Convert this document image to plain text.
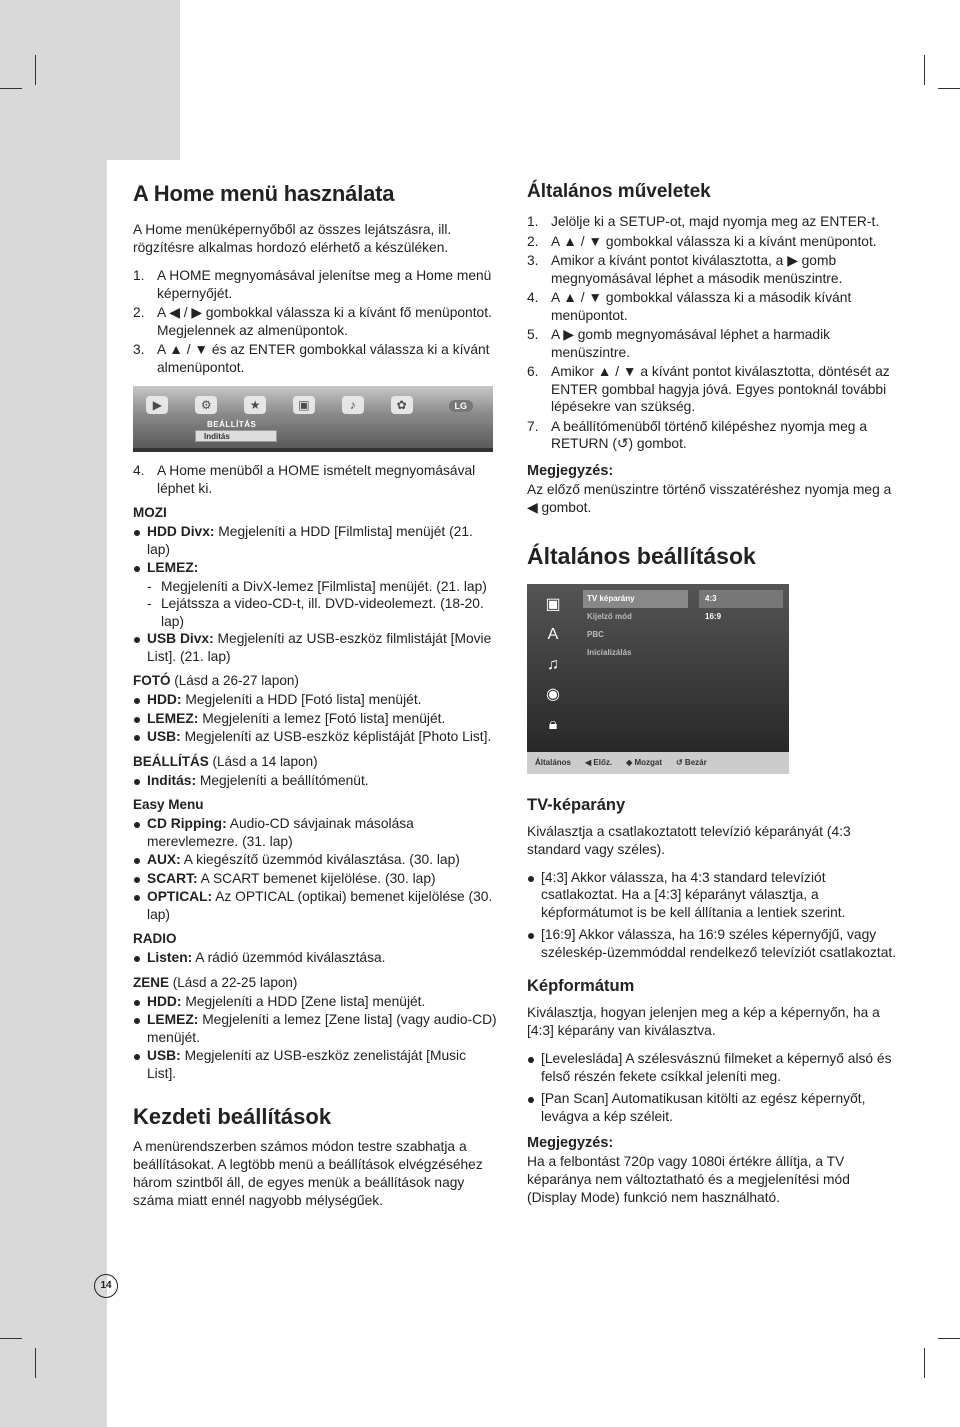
14
A Home menü használata

A Home menüképernyőből az összes lejátszásra, ill. rögzítésre alkalmas hordozó elérhető a készüléken.

1. A HOME megnyomásával jelenítse meg a Home menü képernyőjét.
2. A ◀ / ▶ gombokkal válassza ki a kívánt fő menüpontot. Megjelennek az almenüpontok.
3. A ▲ / ▼ és az ENTER gombokkal válassza ki a kívánt almenüpontot.
▶	⚙	★	▣	♪	✿
BEÁLLÍTÁS
Inditás
LG
4. A Home menüből a HOME ismételt megnyomásával léphet ki.
MOZI
HDD Divx: Megjeleníti a HDD [Filmlista] menüjét (21. lap)
LEMEZ:
- Megjeleníti a DivX-lemez [Filmlista] menüjét. (21. lap)
- Lejátssza a video-CD-t, ill. DVD-videolemezt. (18-20. lap)
USB Divx: Megjeleníti az USB-eszköz filmlistáját [Movie List]. (21. lap)
FOTÓ (Lásd a 26-27 lapon)
HDD: Megjeleníti a HDD [Fotó lista] menüjét.
LEMEZ: Megjeleníti a lemez [Fotó lista] menüjét.
USB: Megjeleníti az USB-eszköz képlistáját [Photo List].
BEÁLLÍTÁS (Lásd a 14 lapon)
Inditás: Megjeleníti a beállítómenüt.
Easy Menu
CD Ripping: Audio-CD sávjainak másolása merevlemezre. (31. lap)
AUX: A kiegészítő üzemmód kiválasztása. (30. lap)
SCART: A SCART bemenet kijelölése. (30. lap)
OPTICAL: Az OPTICAL (optikai) bemenet kijelölése (30. lap)
RADIO
Listen: A rádió üzemmód kiválasztása.
ZENE (Lásd a 22-25 lapon)
HDD: Megjeleníti a HDD [Zene lista] menüjét.
LEMEZ: Megjeleníti a lemez [Zene lista] (vagy audio-CD) menüjét.
USB: Megjeleníti az USB-eszköz zenelistáját [Music List].
Kezdeti beállítások

A menürendszerben számos módon testre szabhatja a beállításokat. A legtöbb menü a beállítások elvégzéséhez három szintből áll, de egyes menük a beállítások nagy száma miatt ennél nagyobb mélységűek.

Általános műveletek
1. Jelölje ki a SETUP-ot, majd nyomja meg az ENTER-t.
2. A ▲ / ▼ gombokkal válassza ki a kívánt menüpontot.
3. Amikor a kívánt pontot kiválasztotta, a ▶ gomb megnyomásával léphet a második menüszintre.
4. A ▲ / ▼ gombokkal válassza ki a második kívánt menüpontot.
5. A ▶ gomb megnyomásával léphet a harmadik menüszintre.
6. Amikor ▲ / ▼ a kívánt pontot kiválasztotta, döntését az ENTER gombbal hagyja jóvá. Egyes pontoknál további lépésekre van szükség.
7. A beállítómenüből történő kilépéshez nyomja meg a RETURN (↺) gombot.
Megjegyzés:

Az előző menüszintre történő visszatéréshez nyomja meg a ◀ gombot.

Általános beállítások
▣
A
♫
◉
🔒︎
TV képarány
Kijelző mód
PBC
Inicializálás
4:3
16:9
Általános ◀ Előz. ◆ Mozgat ↺ Bezár
TV-képarány

Kiválasztja a csatlakoztatott televízió képarányát (4:3 standard vagy széles).

[4:3] Akkor válassza, ha 4:3 standard televíziót csatlakoztat. Ha a [4:3] képarányt választja, a képformátumot is be kell állítania a lentiek szerint.
[16:9] Akkor válassza, ha 16:9 széles képernyőjű, vagy széleskép-üzemmóddal rendelkező televíziót csatlakoztat.
Képformátum

Kiválasztja, hogyan jelenjen meg a kép a képernyőn, ha a [4:3] képarány van kiválasztva.

[Levelesláda] A szélesvásznú filmeket a képernyő alsó és felső részén fekete csíkkal jeleníti meg.
[Pan Scan] Automatikusan kitölti az egész képernyőt, levágva a kép széleit.
Megjegyzés:

Ha a felbontást 720p vagy 1080i értékre állítja, a TV képaránya nem változtatható és a megjelenítési mód (Display Mode) funkció nem használható.
